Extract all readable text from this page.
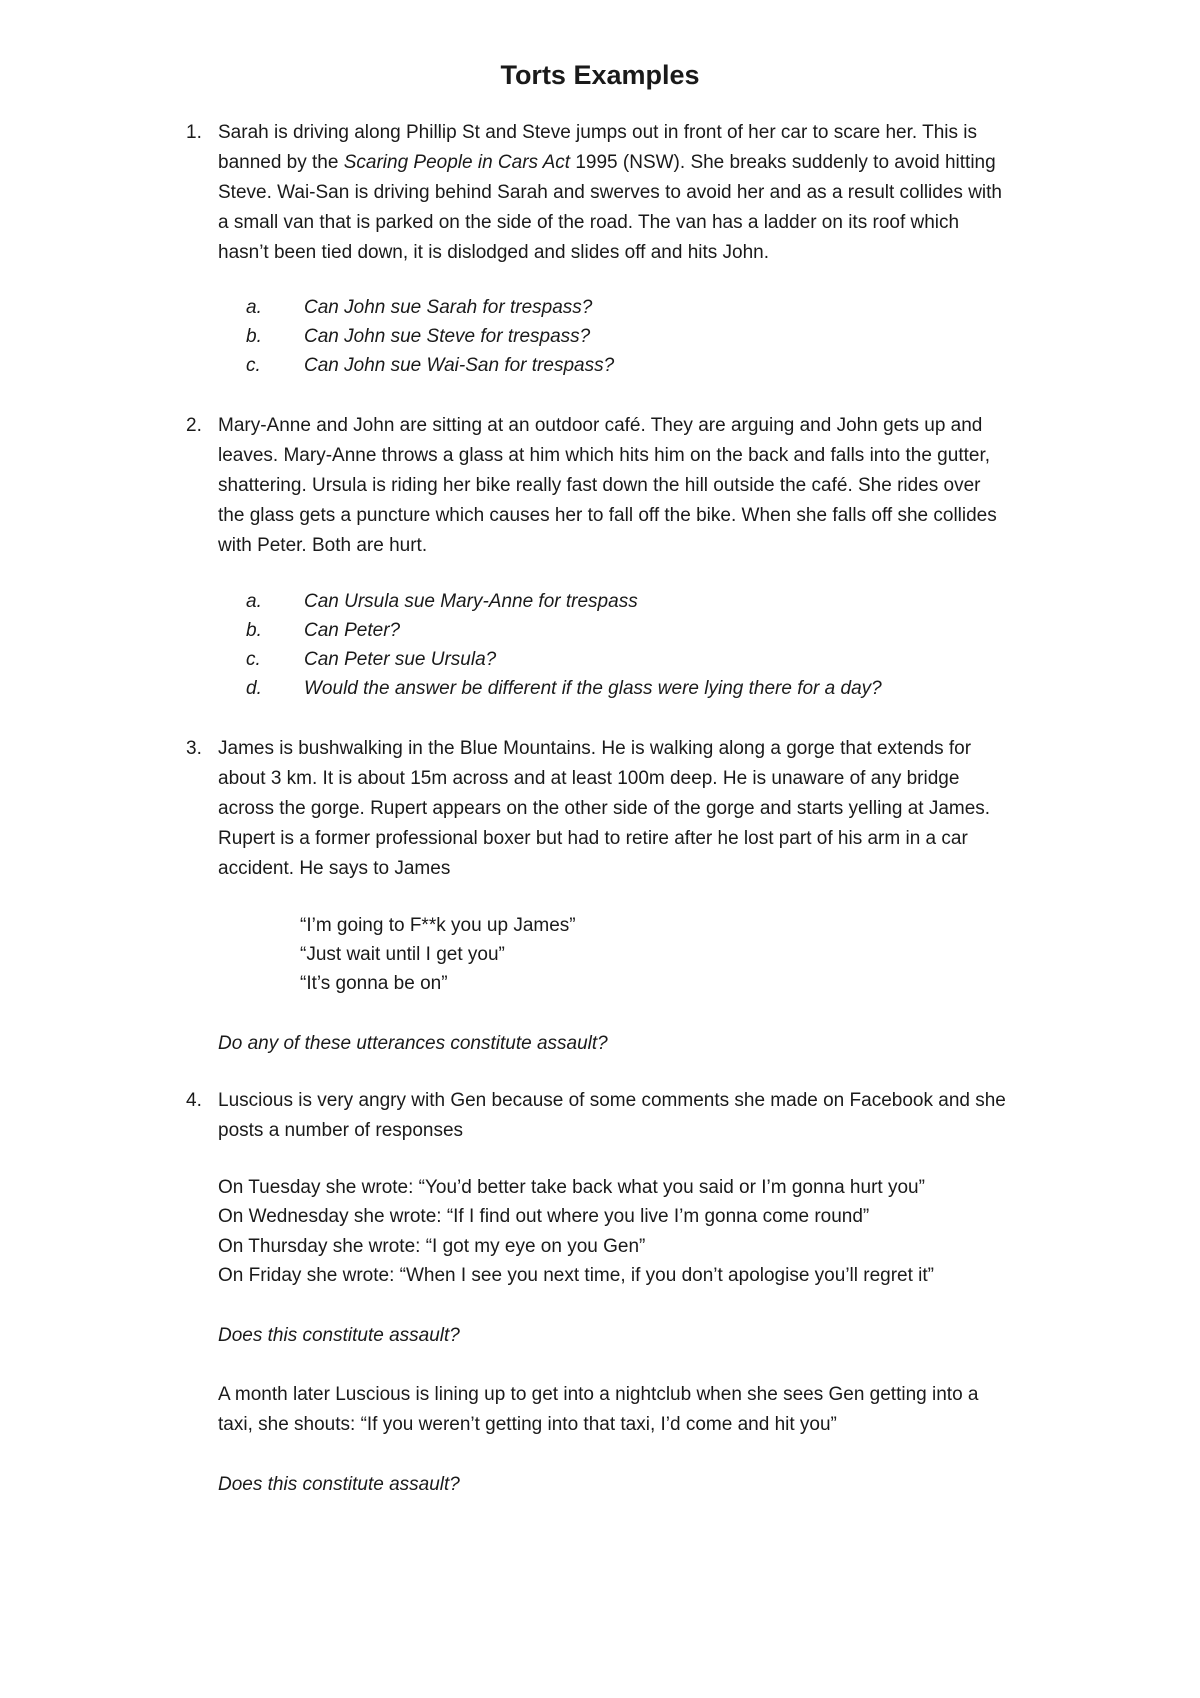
Torts Examples
1. Sarah is driving along Phillip St and Steve jumps out in front of her car to scare her. This is
banned by the Scaring People in Cars Act 1995 (NSW). She breaks suddenly to avoid hitting
Steve. Wai-San is driving behind Sarah and swerves to avoid her and as a result collides with
a small van that is parked on the side of the road. The van has a ladder on its roof which
hasn’t been tied down, it is dislodged and slides off and hits John.
a.	Can John sue Sarah for trespass?
b.	Can John sue Steve for trespass?
c.	Can John sue Wai-San for trespass?
2. Mary-Anne and John are sitting at an outdoor café. They are arguing and John gets up and
leaves. Mary-Anne throws a glass at him which hits him on the back and falls into the gutter,
shattering. Ursula is riding her bike really fast down the hill outside the café. She rides over
the glass gets a puncture which causes her to fall off the bike. When she falls off she collides
with Peter. Both are hurt.
a.	Can Ursula sue Mary-Anne for trespass
b.	Can Peter?
c.	Can Peter sue Ursula?
d.	Would the answer be different if the glass were lying there for a day?
3. James is bushwalking in the Blue Mountains. He is walking along a gorge that extends for
about 3 km. It is about 15m across and at least 100m deep. He is unaware of any bridge
across the gorge. Rupert appears on the other side of the gorge and starts yelling at James.
Rupert is a former professional boxer but had to retire after he lost part of his arm in a car
accident. He says to James
“I’m going to F**k you up James”
“Just wait until I get you”
“It’s gonna be on”
Do any of these utterances constitute assault?
4. Luscious is very angry with Gen because of some comments she made on Facebook and she
posts a number of responses
On Tuesday she wrote: “You’d better take back what you said or I’m gonna hurt you”
On Wednesday she wrote: “If I find out where you live I’m gonna come round”
On Thursday she wrote: “I got my eye on you Gen”
On Friday she wrote: “When I see you next time, if you don’t apologise you’ll regret it”
Does this constitute assault?
A month later Luscious is lining up to get into a nightclub when she sees Gen getting into a
taxi, she shouts: “If you weren’t getting into that taxi, I’d come and hit you”
Does this constitute assault?
